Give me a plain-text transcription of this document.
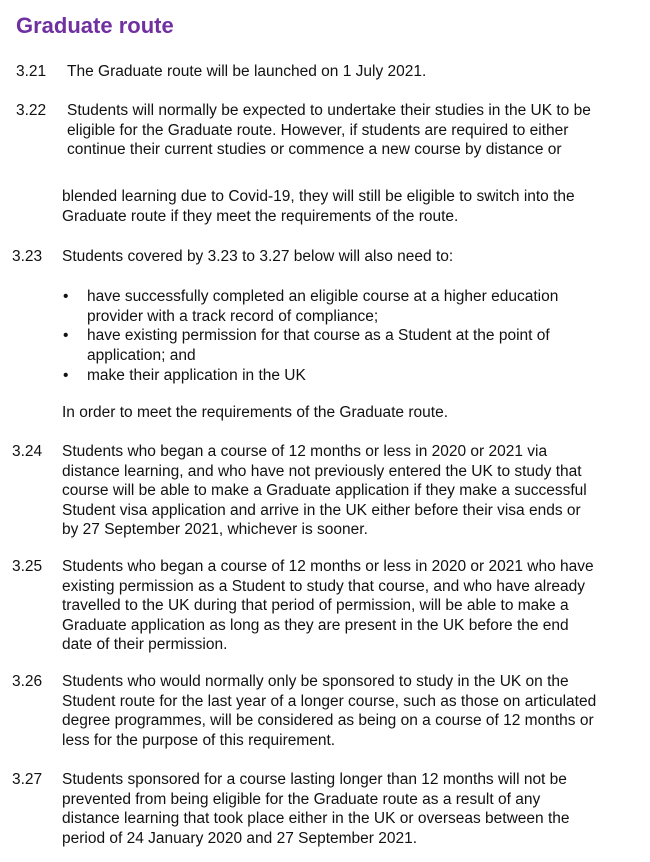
Graduate route
3.21 The Graduate route will be launched on 1 July 2021.
3.22 Students will normally be expected to undertake their studies in the UK to be
eligible for the Graduate route. However, if students are required to either
continue their current studies or commence a new course by distance or
blended learning due to Covid-19, they will still be eligible to switch into the
Graduate route if they meet the requirements of the route.
3.23 Students covered by 3.23 to 3.27 below will also need to:
• have successfully completed an eligible course at a higher education
provider with a track record of compliance;
• have existing permission for that course as a Student at the point of
application; and
• make their application in the UK
In order to meet the requirements of the Graduate route.
3.24 Students who began a course of 12 months or less in 2020 or 2021 via
distance learning, and who have not previously entered the UK to study that
course will be able to make a Graduate application if they make a successful
Student visa application and arrive in the UK either before their visa ends or
by 27 September 2021, whichever is sooner.
3.25 Students who began a course of 12 months or less in 2020 or 2021 who have
existing permission as a Student to study that course, and who have already
travelled to the UK during that period of permission, will be able to make a
Graduate application as long as they are present in the UK before the end
date of their permission.
3.26 Students who would normally only be sponsored to study in the UK on the
Student route for the last year of a longer course, such as those on articulated
degree programmes, will be considered as being on a course of 12 months or
less for the purpose of this requirement.
3.27 Students sponsored for a course lasting longer than 12 months will not be
prevented from being eligible for the Graduate route as a result of any
distance learning that took place either in the UK or overseas between the
period of 24 January 2020 and 27 September 2021.
